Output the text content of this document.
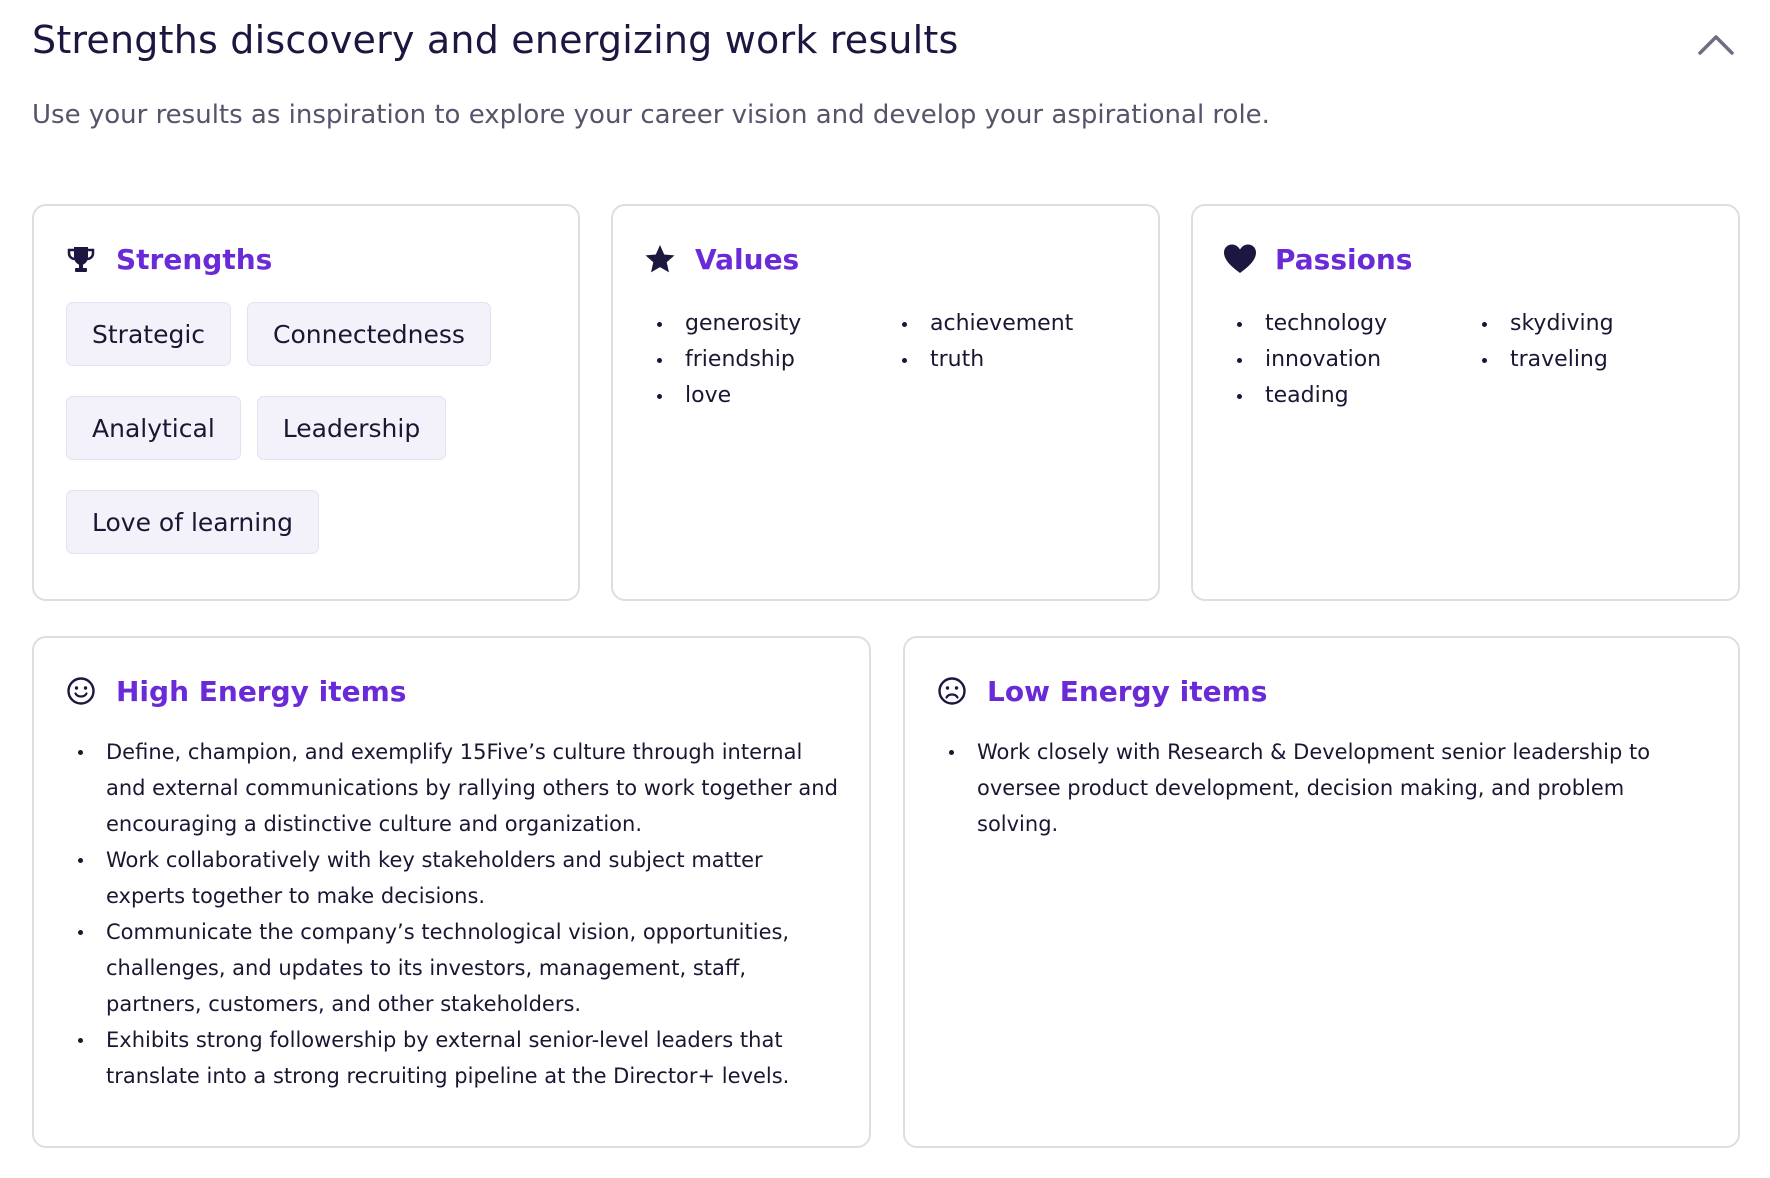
Strengths discovery and energizing work results

Use your results as inspiration to explore your career vision and develop your aspirational role.

Strengths
Strategic	Connectedness
Analytical	Leadership
Love of learning
Values
generosity
friendship
love
achievement
truth
Passions
technology
innovation
teading
skydiving
traveling
High Energy items
Define, champion, and exemplify 15Five’s culture through internal and external communications by rallying others to work together and encouraging a distinctive culture and organization.
Work collaboratively with key stakeholders and subject matter experts together to make decisions.
Communicate the company’s technological vision, opportunities, challenges, and updates to its investors, management, staff, partners, customers, and other stakeholders.
Exhibits strong followership by external senior-level leaders that translate into a strong recruiting pipeline at the Director+ levels.
Low Energy items
Work closely with Research & Development senior leadership to oversee product development, decision making, and problem solving.
